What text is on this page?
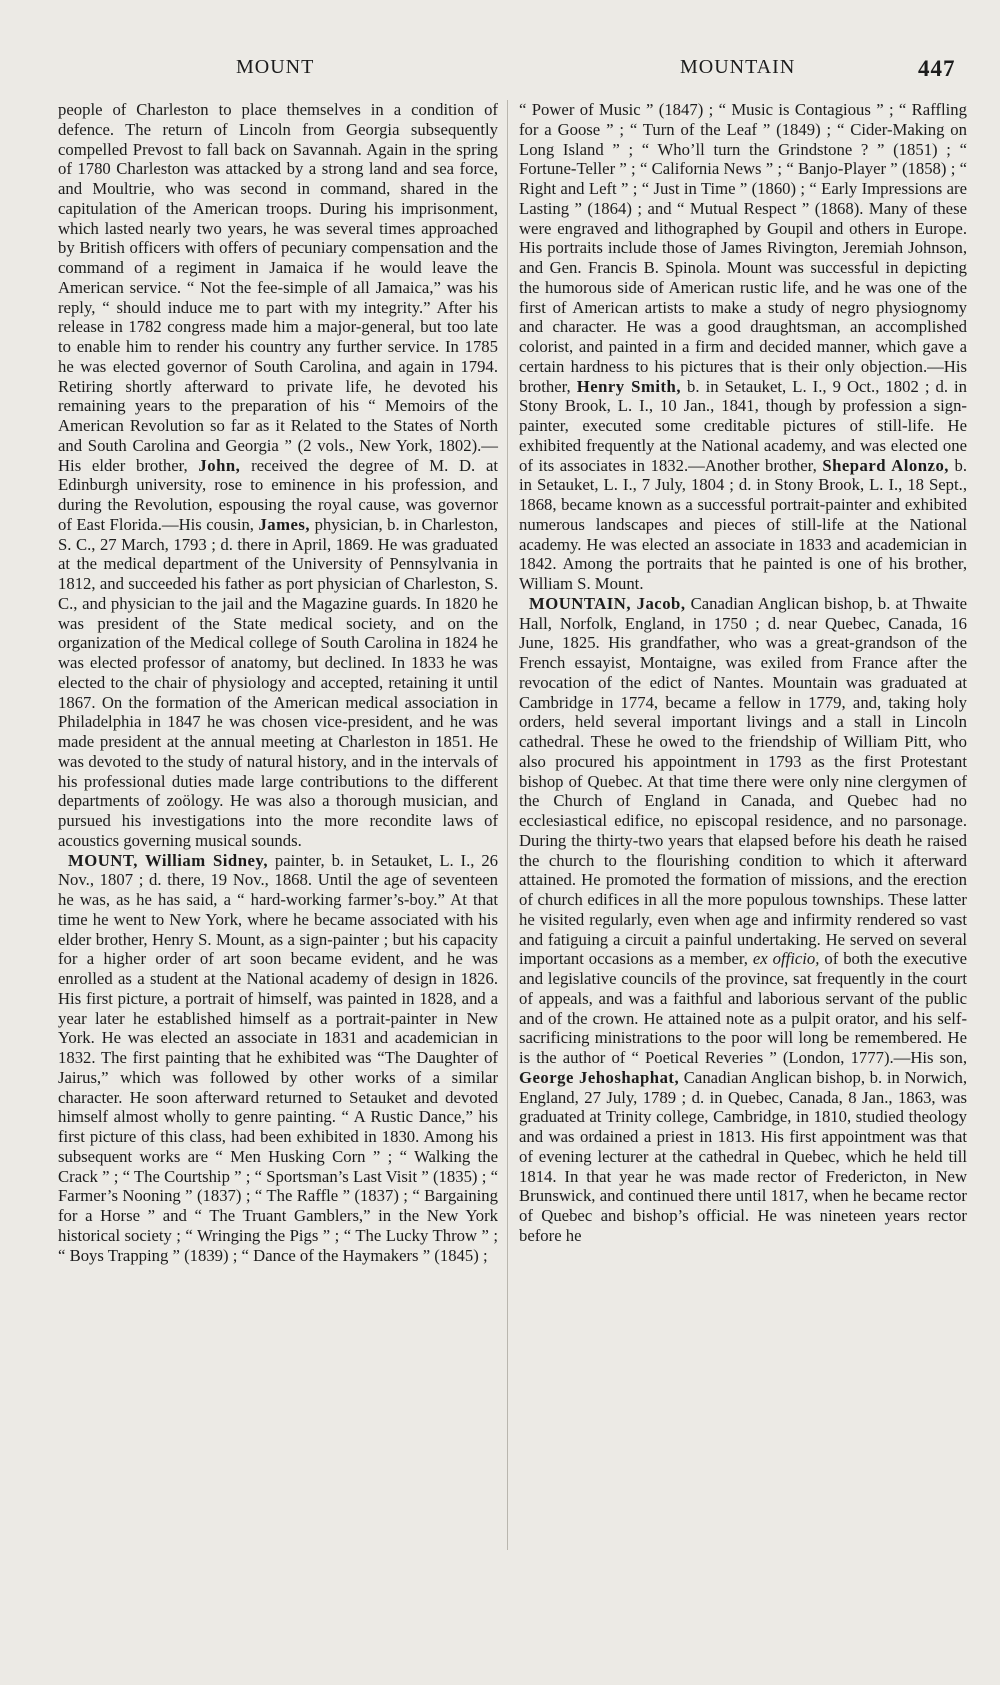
MOUNT	MOUNTAIN	447

people of Charleston to place themselves in a condition of defence. The return of Lincoln from Georgia subsequently compelled Prevost to fall back on Savannah. Again in the spring of 1780 Charleston was attacked by a strong land and sea force, and Moultrie, who was second in command, shared in the capitulation of the American troops. During his imprisonment, which lasted nearly two years, he was several times approached by British officers with offers of pecuniary compensation and the command of a regiment in Jamaica if he would leave the American service. “ Not the fee-simple of all Jamaica,” was his reply, “ should induce me to part with my integrity.” After his release in 1782 congress made him a major-general, but too late to enable him to render his country any further service. In 1785 he was elected governor of South Carolina, and again in 1794. Retiring shortly afterward to private life, he devoted his remaining years to the preparation of his “ Memoirs of the American Revolution so far as it Related to the States of North and South Carolina and Georgia ” (2 vols., New York, 1802).—His elder brother, John, received the degree of M. D. at Edinburgh university, rose to eminence in his profession, and during the Revolution, espousing the royal cause, was governor of East Florida.—His cousin, James, physician, b. in Charleston, S. C., 27 March, 1793 ; d. there in April, 1869. He was graduated at the medical department of the University of Pennsylvania in 1812, and succeeded his father as port physician of Charleston, S. C., and physician to the jail and the Magazine guards. In 1820 he was president of the State medical society, and on the organization of the Medical college of South Carolina in 1824 he was elected professor of anatomy, but declined. In 1833 he was elected to the chair of physiology and accepted, retaining it until 1867. On the formation of the American medical association in Philadelphia in 1847 he was chosen vice-president, and he was made president at the annual meeting at Charleston in 1851. He was devoted to the study of natural history, and in the intervals of his professional duties made large contributions to the different departments of zoölogy. He was also a thorough musician, and pursued his investigations into the more recondite laws of acoustics governing musical sounds.

MOUNT, William Sidney, painter, b. in Setauket, L. I., 26 Nov., 1807 ; d. there, 19 Nov., 1868. Until the age of seventeen he was, as he has said, a “ hard-working farmer’s-boy.” At that time he went to New York, where he became associated with his elder brother, Henry S. Mount, as a sign-painter ; but his capacity for a higher order of art soon became evident, and he was enrolled as a student at the National academy of design in 1826. His first picture, a portrait of himself, was painted in 1828, and a year later he established himself as a portrait-painter in New York. He was elected an associate in 1831 and academician in 1832. The first painting that he exhibited was “The Daughter of Jairus,” which was followed by other works of a similar character. He soon afterward returned to Setauket and devoted himself almost wholly to genre painting. “ A Rustic Dance,” his first picture of this class, had been exhibited in 1830. Among his subsequent works are “ Men Husking Corn ” ; “ Walking the Crack ” ; “ The Courtship ” ; “ Sportsman’s Last Visit ” (1835) ; “ Farmer’s Nooning ” (1837) ; “ The Raffle ” (1837) ; “ Bargaining for a Horse ” and “ The Truant Gamblers,” in the New York historical society ; “ Wringing the Pigs ” ; “ The Lucky Throw ” ; “ Boys Trapping ” (1839) ; “ Dance of the Haymakers ” (1845) ;

“ Power of Music ” (1847) ; “ Music is Contagious ” ; “ Raffling for a Goose ” ; “ Turn of the Leaf ” (1849) ; “ Cider-Making on Long Island ” ; “ Who’ll turn the Grindstone ? ” (1851) ; “ Fortune-Teller ” ; “ California News ” ; “ Banjo-Player ” (1858) ; “ Right and Left ” ; “ Just in Time ” (1860) ; “ Early Impressions are Lasting ” (1864) ; and “ Mutual Respect ” (1868). Many of these were engraved and lithographed by Goupil and others in Europe. His portraits include those of James Rivington, Jeremiah Johnson, and Gen. Francis B. Spinola. Mount was successful in depicting the humorous side of American rustic life, and he was one of the first of American artists to make a study of negro physiognomy and character. He was a good draughtsman, an accomplished colorist, and painted in a firm and decided manner, which gave a certain hardness to his pictures that is their only objection.—His brother, Henry Smith, b. in Setauket, L. I., 9 Oct., 1802 ; d. in Stony Brook, L. I., 10 Jan., 1841, though by profession a sign-painter, executed some creditable pictures of still-life. He exhibited frequently at the National academy, and was elected one of its associates in 1832.—Another brother, Shepard Alonzo, b. in Setauket, L. I., 7 July, 1804 ; d. in Stony Brook, L. I., 18 Sept., 1868, became known as a successful portrait-painter and exhibited numerous landscapes and pieces of still-life at the National academy. He was elected an associate in 1833 and academician in 1842. Among the portraits that he painted is one of his brother, William S. Mount.

MOUNTAIN, Jacob, Canadian Anglican bishop, b. at Thwaite Hall, Norfolk, England, in 1750 ; d. near Quebec, Canada, 16 June, 1825. His grandfather, who was a great-grandson of the French essayist, Montaigne, was exiled from France after the revocation of the edict of Nantes. Mountain was graduated at Cambridge in 1774, became a fellow in 1779, and, taking holy orders, held several important livings and a stall in Lincoln cathedral. These he owed to the friendship of William Pitt, who also procured his appointment in 1793 as the first Protestant bishop of Quebec. At that time there were only nine clergymen of the Church of England in Canada, and Quebec had no ecclesiastical edifice, no episcopal residence, and no parsonage. During the thirty-two years that elapsed before his death he raised the church to the flourishing condition to which it afterward attained. He promoted the formation of missions, and the erection of church edifices in all the more populous townships. These latter he visited regularly, even when age and infirmity rendered so vast and fatiguing a circuit a painful undertaking. He served on several important occasions as a member, ex officio, of both the executive and legislative councils of the province, sat frequently in the court of appeals, and was a faithful and laborious servant of the public and of the crown. He attained note as a pulpit orator, and his self-sacrificing ministrations to the poor will long be remembered. He is the author of “ Poetical Reveries ” (London, 1777).—His son, George Jehoshaphat, Canadian Anglican bishop, b. in Norwich, England, 27 July, 1789 ; d. in Quebec, Canada, 8 Jan., 1863, was graduated at Trinity college, Cambridge, in 1810, studied theology and was ordained a priest in 1813. His first appointment was that of evening lecturer at the cathedral in Quebec, which he held till 1814. In that year he was made rector of Fredericton, in New Brunswick, and continued there until 1817, when he became rector of Quebec and bishop’s official. He was nineteen years rector before he
